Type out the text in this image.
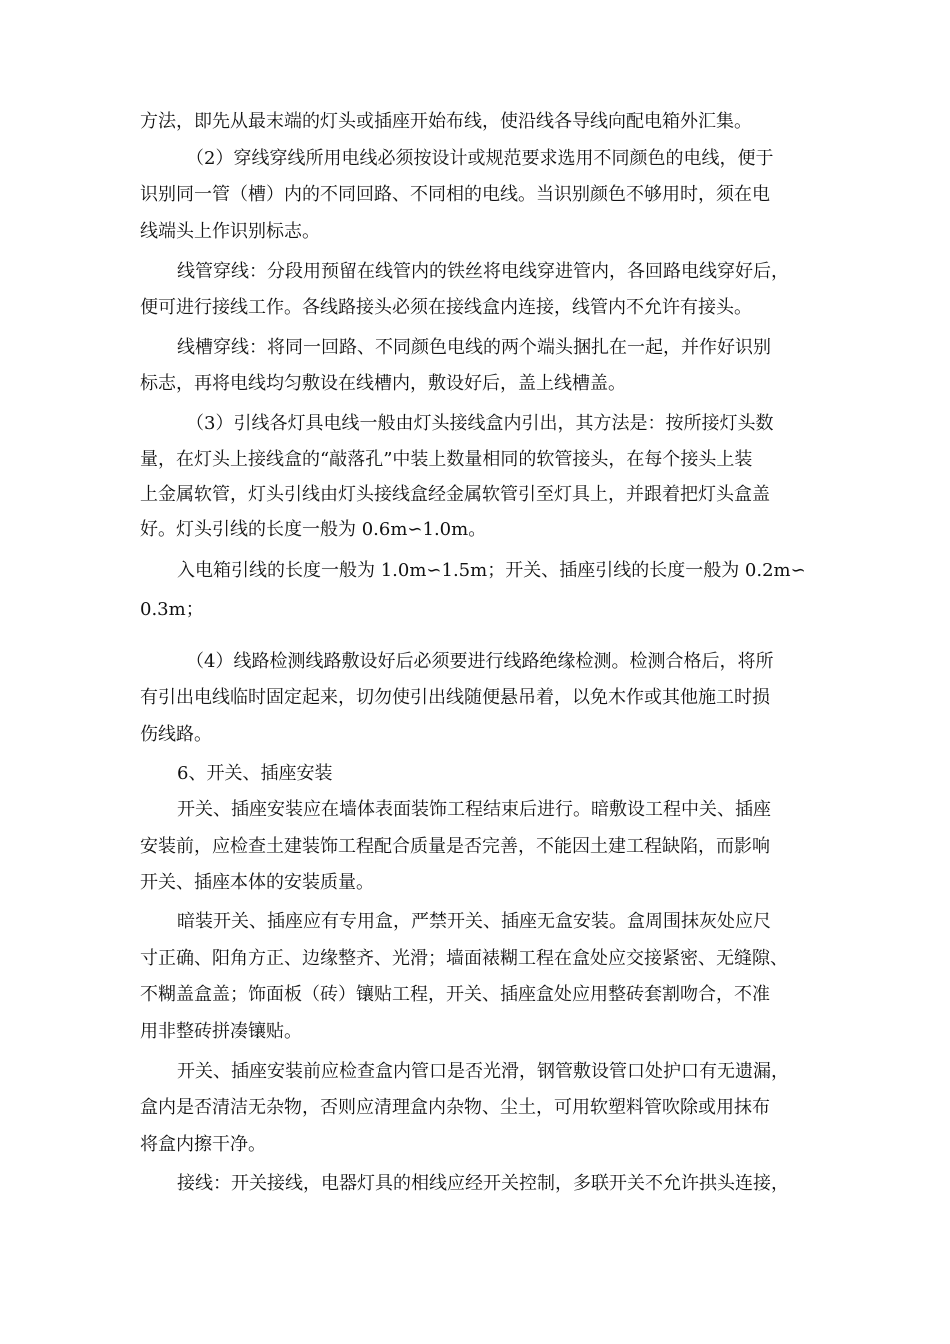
方法，即先从最末端的灯头或插座开始布线，使沿线各导线向配电箱外汇集。
（2）穿线穿线所用电线必须按设计或规范要求选用不同颜色的电线，便于
识别同一管（槽）内的不同回路、不同相的电线。当识别颜色不够用时，须在电
线端头上作识别标志。
线管穿线：分段用预留在线管内的铁丝将电线穿进管内，各回路电线穿好后，
便可进行接线工作。各线路接头必须在接线盒内连接，线管内不允许有接头。
线槽穿线：将同一回路、不同颜色电线的两个端头捆扎在一起，并作好识别
标志，再将电线均匀敷设在线槽内，敷设好后，盖上线槽盖。
（3）引线各灯具电线一般由灯头接线盒内引出，其方法是：按所接灯头数
量，在灯头上接线盒的“敲落孔”中装上数量相同的软管接头，在每个接头上装
上金属软管，灯头引线由灯头接线盒经金属软管引至灯具上，并跟着把灯头盒盖
好。灯头引线的长度一般为 0.6m∽1.0m。
入电箱引线的长度一般为 1.0m∽1.5m；开关、插座引线的长度一般为 0.2m∽
0.3m；
（4）线路检测线路敷设好后必须要进行线路绝缘检测。检测合格后，将所
有引出电线临时固定起来，切勿使引出线随便悬吊着，以免木作或其他施工时损
伤线路。
6、开关、插座安装
开关、插座安装应在墙体表面装饰工程结束后进行。暗敷设工程中关、插座
安装前，应检查土建装饰工程配合质量是否完善，不能因土建工程缺陷，而影响
开关、插座本体的安装质量。
暗装开关、插座应有专用盒，严禁开关、插座无盒安装。盒周围抹灰处应尺
寸正确、阳角方正、边缘整齐、光滑；墙面裱糊工程在盒处应交接紧密、无缝隙、
不糊盖盒盖；饰面板（砖）镶贴工程，开关、插座盒处应用整砖套割吻合，不准
用非整砖拼凑镶贴。
开关、插座安装前应检查盒内管口是否光滑，钢管敷设管口处护口有无遗漏，
盒内是否清洁无杂物，否则应清理盒内杂物、尘土，可用软塑料管吹除或用抹布
将盒内擦干净。
接线：开关接线，电器灯具的相线应经开关控制，多联开关不允许拱头连接，
